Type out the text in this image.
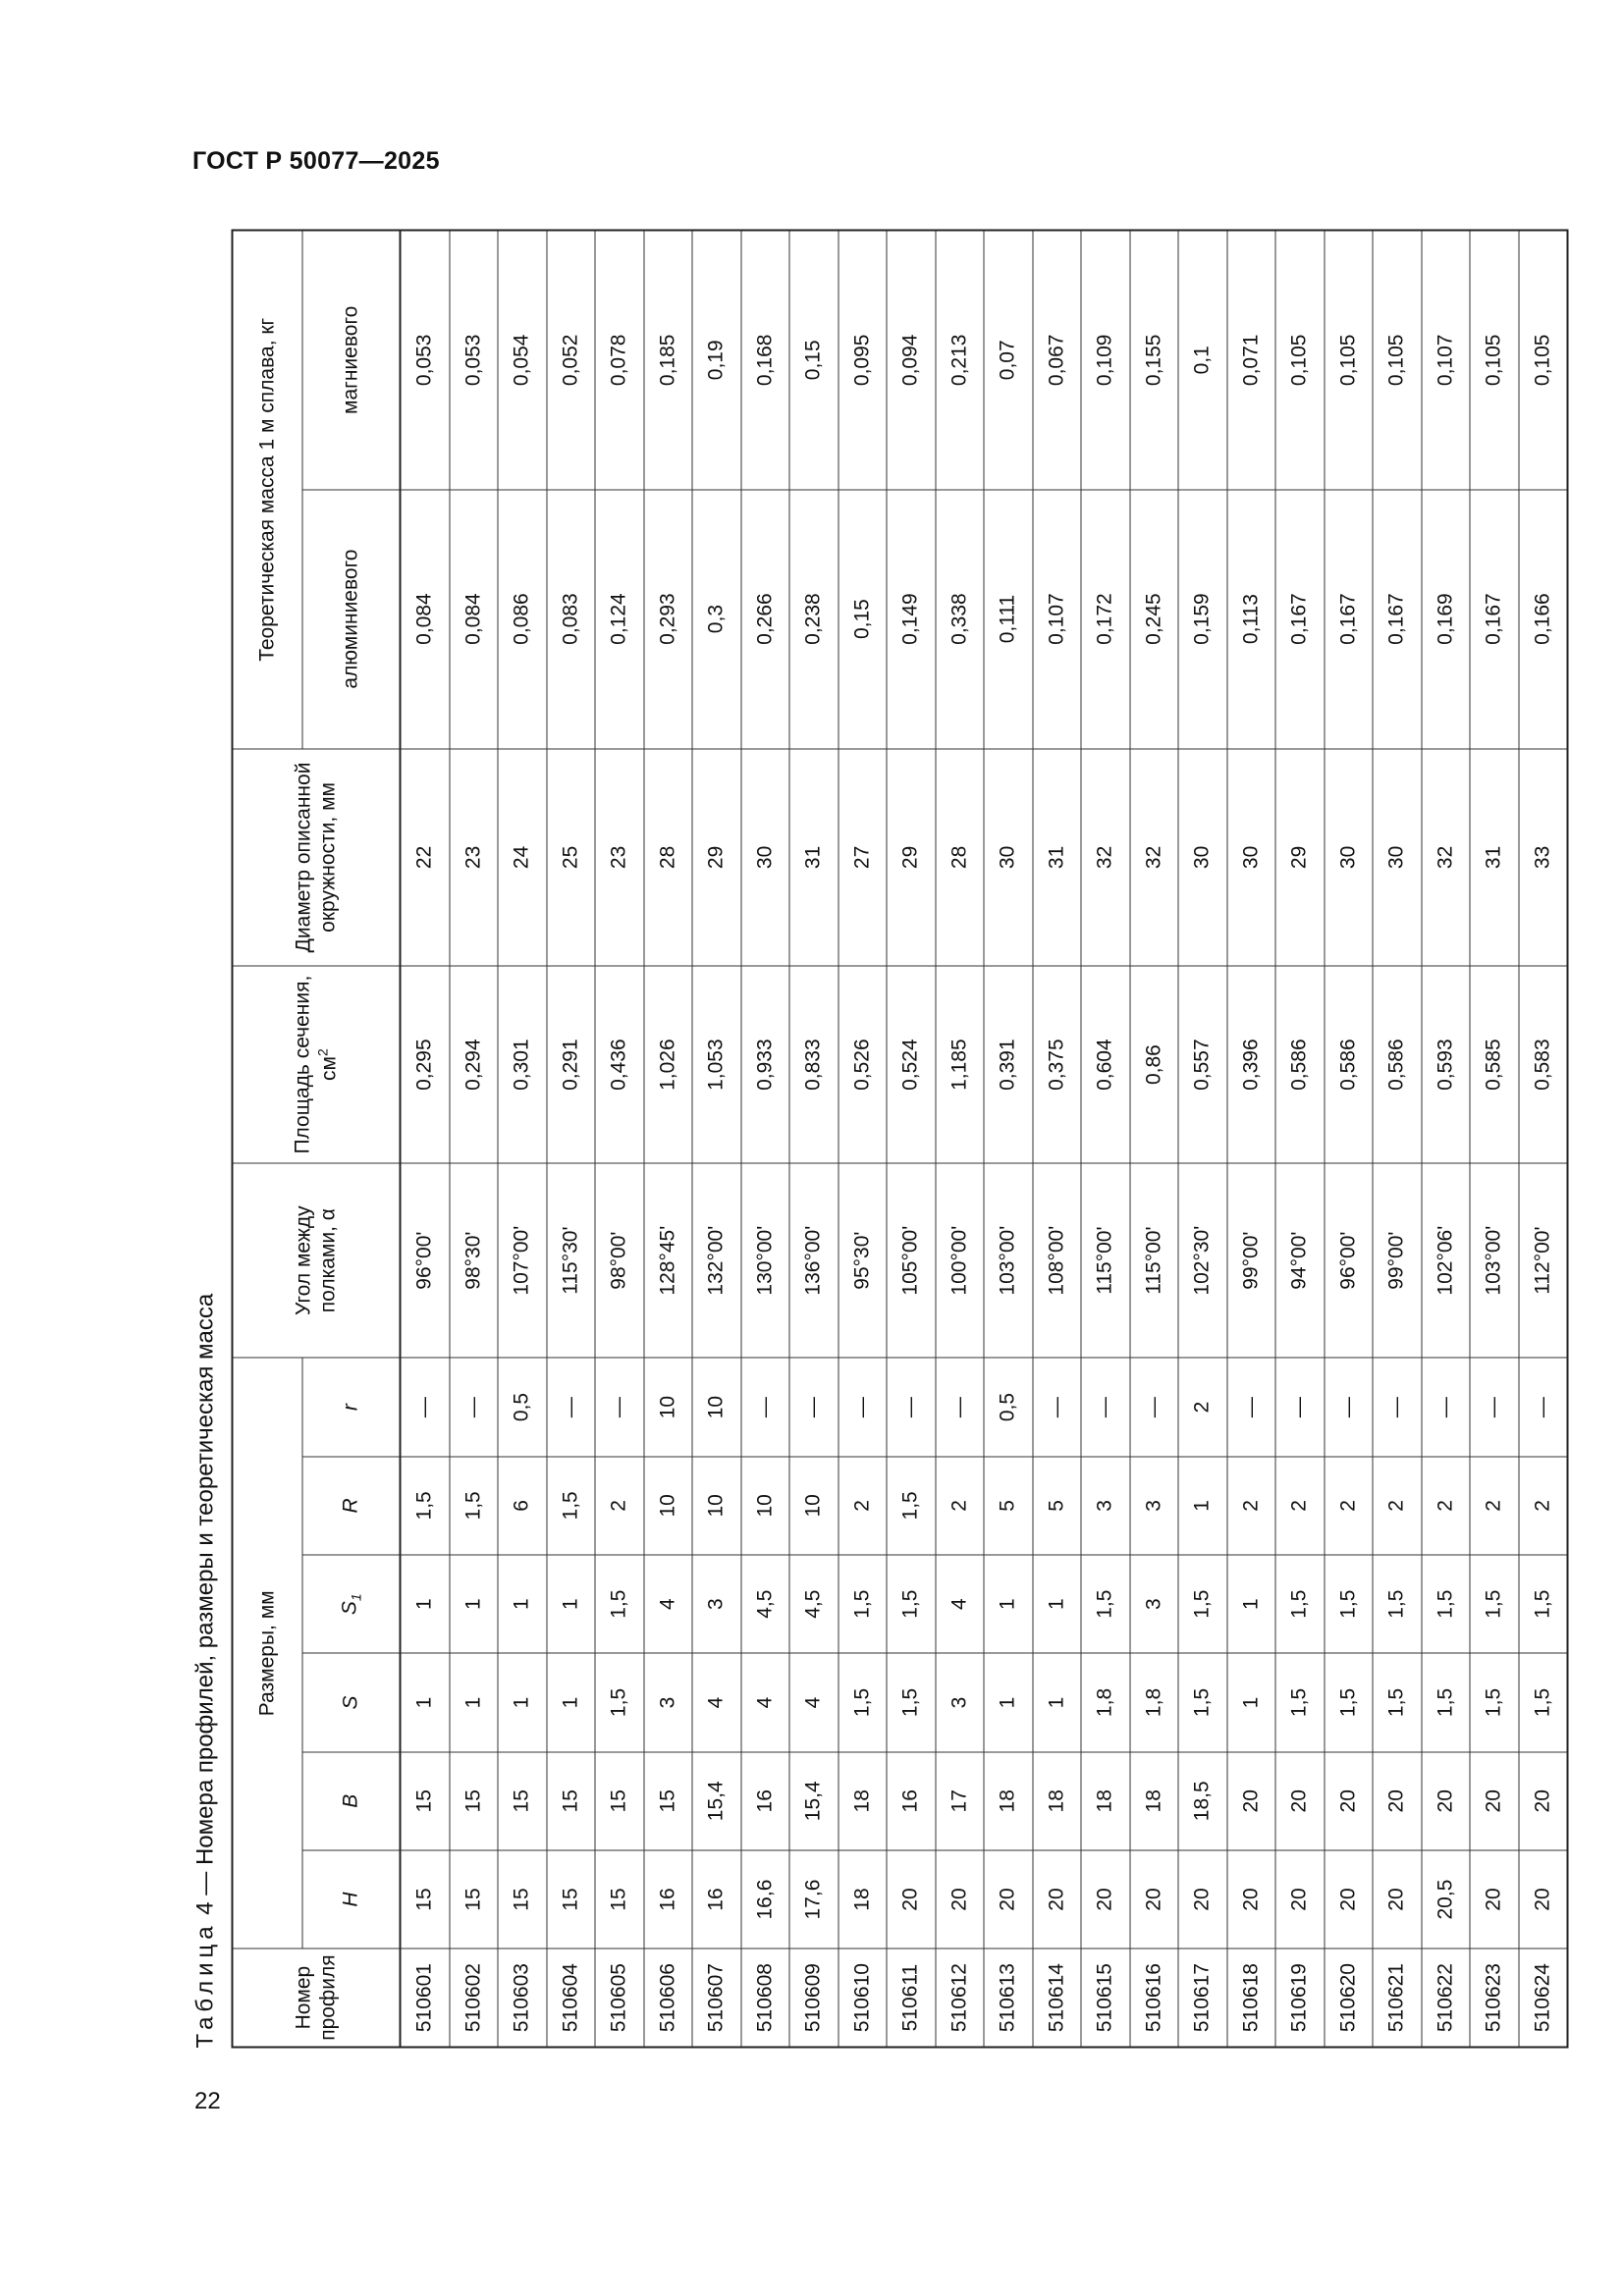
ГОСТ Р 50077—2025
Таблица 4 — Номера профилей, размеры и теоретическая масса
Номер профиля	Размеры, мм						Угол между полками, α	Площадь сечения, $см^2$	Диаметр описанной окружности, мм	Теоретическая масса 1 м сплава, кг	
	H	B	S	$S_1$	R	r				алюминиевого	магниевого
510601	15	15	1	1	1,5	—	96°00'	0,295	22	0,084	0,053
510602	15	15	1	1	1,5	—	98°30'	0,294	23	0,084	0,053
510603	15	15	1	1	6	0,5	107°00'	0,301	24	0,086	0,054
510604	15	15	1	1	1,5	—	115°30'	0,291	25	0,083	0,052
510605	15	15	1,5	1,5	2	—	98°00'	0,436	23	0,124	0,078
510606	16	15	3	4	10	10	128°45'	1,026	28	0,293	0,185
510607	16	15,4	4	3	10	10	132°00'	1,053	29	0,3	0,19
510608	16,6	16	4	4,5	10	—	130°00'	0,933	30	0,266	0,168
510609	17,6	15,4	4	4,5	10	—	136°00'	0,833	31	0,238	0,15
510610	18	18	1,5	1,5	2	—	95°30'	0,526	27	0,15	0,095
510611	20	16	1,5	1,5	1,5	—	105°00'	0,524	29	0,149	0,094
510612	20	17	3	4	2	—	100°00'	1,185	28	0,338	0,213
510613	20	18	1	1	5	0,5	103°00'	0,391	30	0,111	0,07
510614	20	18	1	1	5	—	108°00'	0,375	31	0,107	0,067
510615	20	18	1,8	1,5	3	—	115°00'	0,604	32	0,172	0,109
510616	20	18	1,8	3	3	—	115°00'	0,86	32	0,245	0,155
510617	20	18,5	1,5	1,5	1	2	102°30'	0,557	30	0,159	0,1
510618	20	20	1	1	2	—	99°00'	0,396	30	0,113	0,071
510619	20	20	1,5	1,5	2	—	94°00'	0,586	29	0,167	0,105
510620	20	20	1,5	1,5	2	—	96°00'	0,586	30	0,167	0,105
510621	20	20	1,5	1,5	2	—	99°00'	0,586	30	0,167	0,105
510622	20,5	20	1,5	1,5	2	—	102°06'	0,593	32	0,169	0,107
510623	20	20	1,5	1,5	2	—	103°00'	0,585	31	0,167	0,105
510624	20	20	1,5	1,5	2	—	112°00'	0,583	33	0,166	0,105
22
